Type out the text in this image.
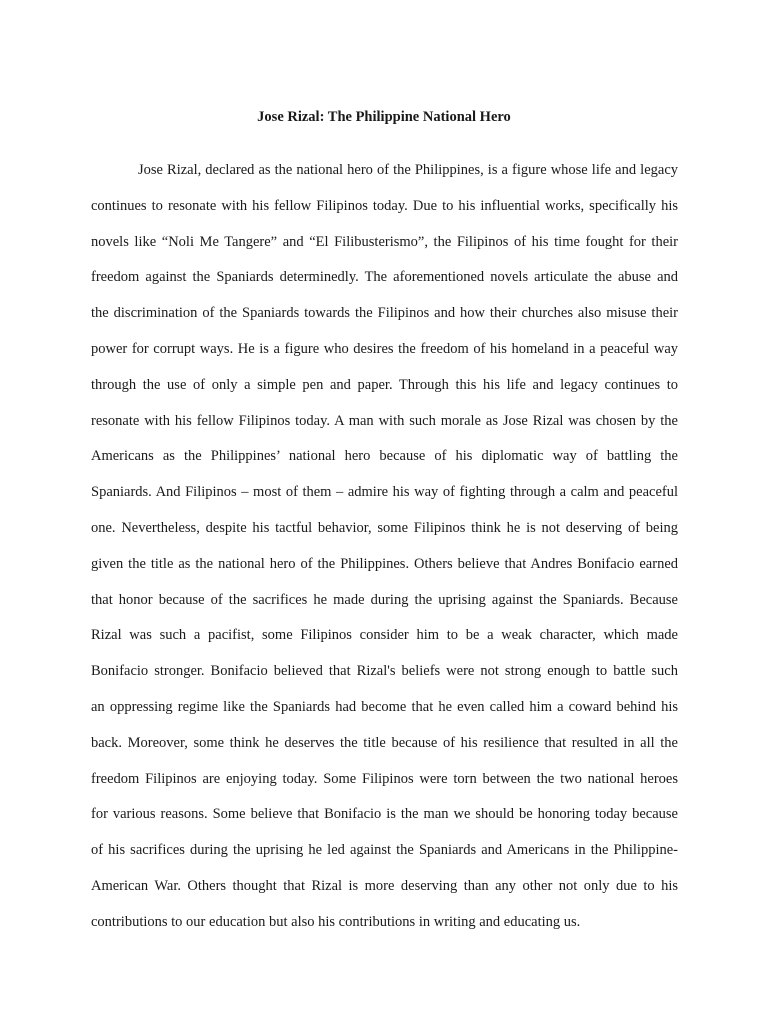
Jose Rizal: The Philippine National Hero
Jose Rizal, declared as the national hero of the Philippines, is a figure whose life and legacy
continues to resonate with his fellow Filipinos today. Due to his influential works, specifically his
novels like “Noli Me Tangere” and “El Filibusterismo”, the Filipinos of his time fought for their
freedom against the Spaniards determinedly. The aforementioned novels articulate the abuse and
the discrimination of the Spaniards towards the Filipinos and how their churches also misuse their
power for corrupt ways. He is a figure who desires the freedom of his homeland in a peaceful way
through the use of only a simple pen and paper. Through this his life and legacy continues to
resonate with his fellow Filipinos today. A man with such morale as Jose Rizal was chosen by the
Americans as the Philippines’ national hero because of his diplomatic way of battling the
Spaniards. And Filipinos – most of them – admire his way of fighting through a calm and peaceful
one. Nevertheless, despite his tactful behavior, some Filipinos think he is not deserving of being
given the title as the national hero of the Philippines. Others believe that Andres Bonifacio earned
that honor because of the sacrifices he made during the uprising against the Spaniards. Because
Rizal was such a pacifist, some Filipinos consider him to be a weak character, which made
Bonifacio stronger. Bonifacio believed that Rizal's beliefs were not strong enough to battle such
an oppressing regime like the Spaniards had become that he even called him a coward behind his
back. Moreover, some think he deserves the title because of his resilience that resulted in all the
freedom Filipinos are enjoying today. Some Filipinos were torn between the two national heroes
for various reasons. Some believe that Bonifacio is the man we should be honoring today because
of his sacrifices during the uprising he led against the Spaniards and Americans in the Philippine-
American War. Others thought that Rizal is more deserving than any other not only due to his
contributions to our education but also his contributions in writing and educating us.
